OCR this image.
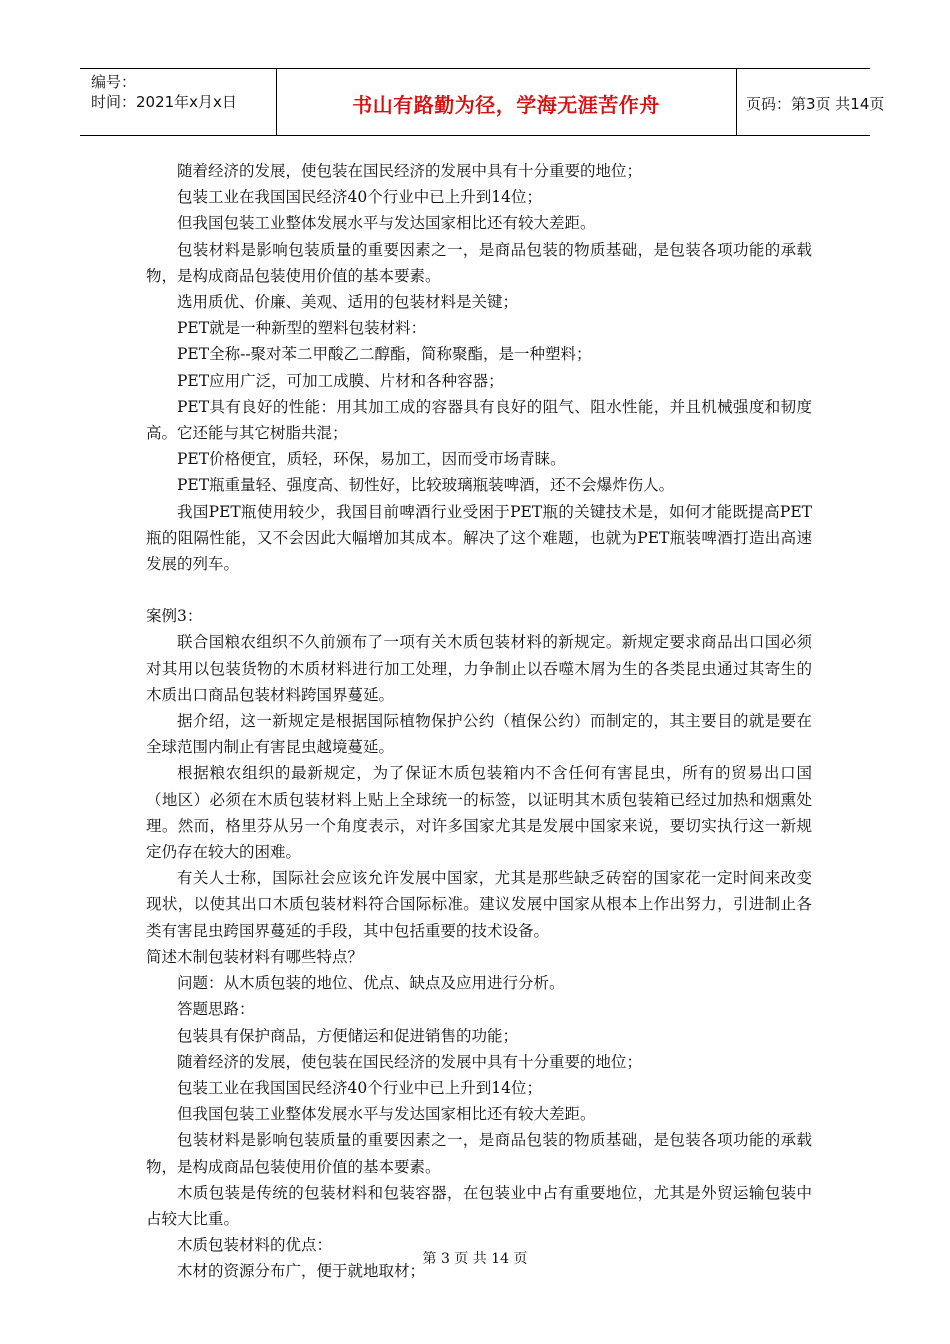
编号：
时间：2021年x月x日	书山有路勤为径，学海无涯苦作舟	页码：第3页 共14页

随着经济的发展，使包装在国民经济的发展中具有十分重要的地位；

包装工业在我国国民经济40个行业中已上升到14位；

但我国包装工业整体发展水平与发达国家相比还有较大差距。

包装材料是影响包装质量的重要因素之一，是商品包装的物质基础，是包装各项功能的承载物，是构成商品包装使用价值的基本要素。

选用质优、价廉、美观、适用的包装材料是关键；

PET就是一种新型的塑料包装材料：

PET全称--聚对苯二甲酸乙二醇酯，简称聚酯，是一种塑料；

PET应用广泛，可加工成膜、片材和各种容器；

PET具有良好的性能：用其加工成的容器具有良好的阻气、阻水性能，并且机械强度和韧度高。它还能与其它树脂共混；

PET价格便宜，质轻，环保，易加工，因而受市场青睐。

PET瓶重量轻、强度高、韧性好，比较玻璃瓶装啤酒，还不会爆炸伤人。

我国PET瓶使用较少，我国目前啤酒行业受困于PET瓶的关键技术是，如何才能既提高PET瓶的阻隔性能，又不会因此大幅增加其成本。解决了这个难题，也就为PET瓶装啤酒打造出高速发展的列车。

案例3：

联合国粮农组织不久前颁布了一项有关木质包装材料的新规定。新规定要求商品出口国必须对其用以包装货物的木质材料进行加工处理，力争制止以吞噬木屑为生的各类昆虫通过其寄生的木质出口商品包装材料跨国界蔓延。

据介绍，这一新规定是根据国际植物保护公约（植保公约）而制定的，其主要目的就是要在全球范围内制止有害昆虫越境蔓延。

根据粮农组织的最新规定，为了保证木质包装箱内不含任何有害昆虫，所有的贸易出口国（地区）必须在木质包装材料上贴上全球统一的标签，以证明其木质包装箱已经过加热和烟熏处理。然而，格里芬从另一个角度表示，对许多国家尤其是发展中国家来说，要切实执行这一新规定仍存在较大的困难。

有关人士称，国际社会应该允许发展中国家，尤其是那些缺乏砖窑的国家花一定时间来改变现状，以使其出口木质包装材料符合国际标准。建议发展中国家从根本上作出努力，引进制止各类有害昆虫跨国界蔓延的手段，其中包括重要的技术设备。

简述木制包装材料有哪些特点？

问题：从木质包装的地位、优点、缺点及应用进行分析。

答题思路：

包装具有保护商品，方便储运和促进销售的功能；

随着经济的发展，使包装在国民经济的发展中具有十分重要的地位；

包装工业在我国国民经济40个行业中已上升到14位；

但我国包装工业整体发展水平与发达国家相比还有较大差距。

包装材料是影响包装质量的重要因素之一，是商品包装的物质基础，是包装各项功能的承载物，是构成商品包装使用价值的基本要素。

木质包装是传统的包装材料和包装容器，在包装业中占有重要地位，尤其是外贸运输包装中占较大比重。

木质包装材料的优点：

木材的资源分布广，便于就地取材；

第 3 页 共 14 页
